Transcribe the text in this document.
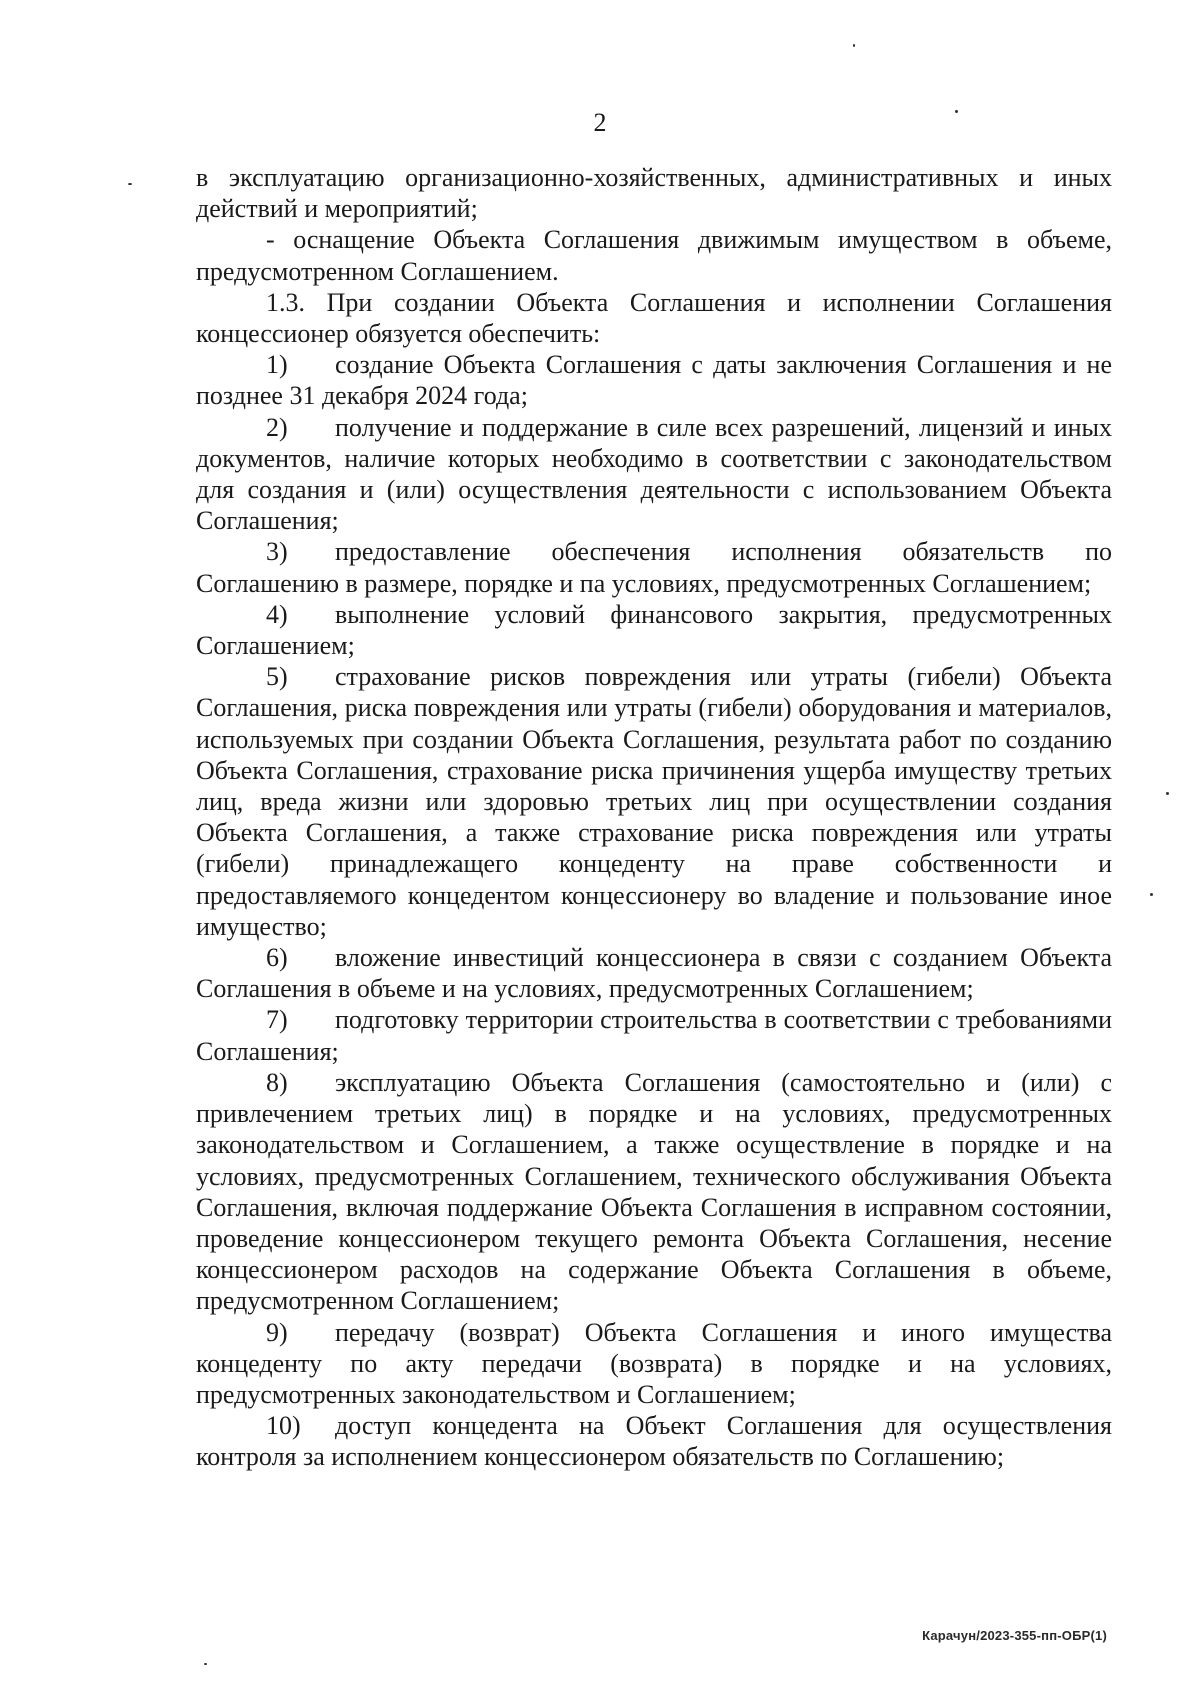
2

в эксплуатацию организационно-хозяйственных, административных и иных действий и мероприятий;

- оснащение Объекта Соглашения движимым имуществом в объеме, предусмотренном Соглашением.

1.3. При создании Объекта Соглашения и исполнении Соглашения концессионер обязуется обеспечить:

1) создание Объекта Соглашения с даты заключения Соглашения и не позднее 31 декабря 2024 года;

2) получение и поддержание в силе всех разрешений, лицензий и иных документов, наличие которых необходимо в соответствии с законодательством для создания и (или) осуществления деятельности с использованием Объекта Соглашения;

3) предоставление обеспечения исполнения обязательств по Соглашению в размере, порядке и па условиях, предусмотренных Соглашением;

4) выполнение условий финансового закрытия, предусмотренных Соглашением;

5) страхование рисков повреждения или утраты (гибели) Объекта Соглашения, риска повреждения или утраты (гибели) оборудования и материалов, используемых при создании Объекта Соглашения, результата работ по созданию Объекта Соглашения, страхование риска причинения ущерба имуществу третьих лиц, вреда жизни или здоровью третьих лиц при осуществлении создания Объекта Соглашения, а также страхование риска повреждения или утраты (гибели) принадлежащего концеденту на праве собственности и предоставляемого концедентом концессионеру во владение и пользование иное имущество;

6) вложение инвестиций концессионера в связи с созданием Объекта Соглашения в объеме и на условиях, предусмотренных Соглашением;

7) подготовку территории строительства в соответствии с требованиями Соглашения;

8) эксплуатацию Объекта Соглашения (самостоятельно и (или) с привлечением третьих лиц) в порядке и на условиях, предусмотренных законодательством и Соглашением, а также осуществление в порядке и на условиях, предусмотренных Соглашением, технического обслуживания Объекта Соглашения, включая поддержание Объекта Соглашения в исправном состоянии, проведение концессионером текущего ремонта Объекта Соглашения, несение концессионером расходов на содержание Объекта Соглашения в объеме, предусмотренном Соглашением;

9) передачу (возврат) Объекта Соглашения и иного имущества концеденту по акту передачи (возврата) в порядке и на условиях, предусмотренных законодательством и Соглашением;

10) доступ концедента на Объект Соглашения для осуществления контроля за исполнением концессионером обязательств по Соглашению;

Карачун/2023-355-пп-ОБР(1)
